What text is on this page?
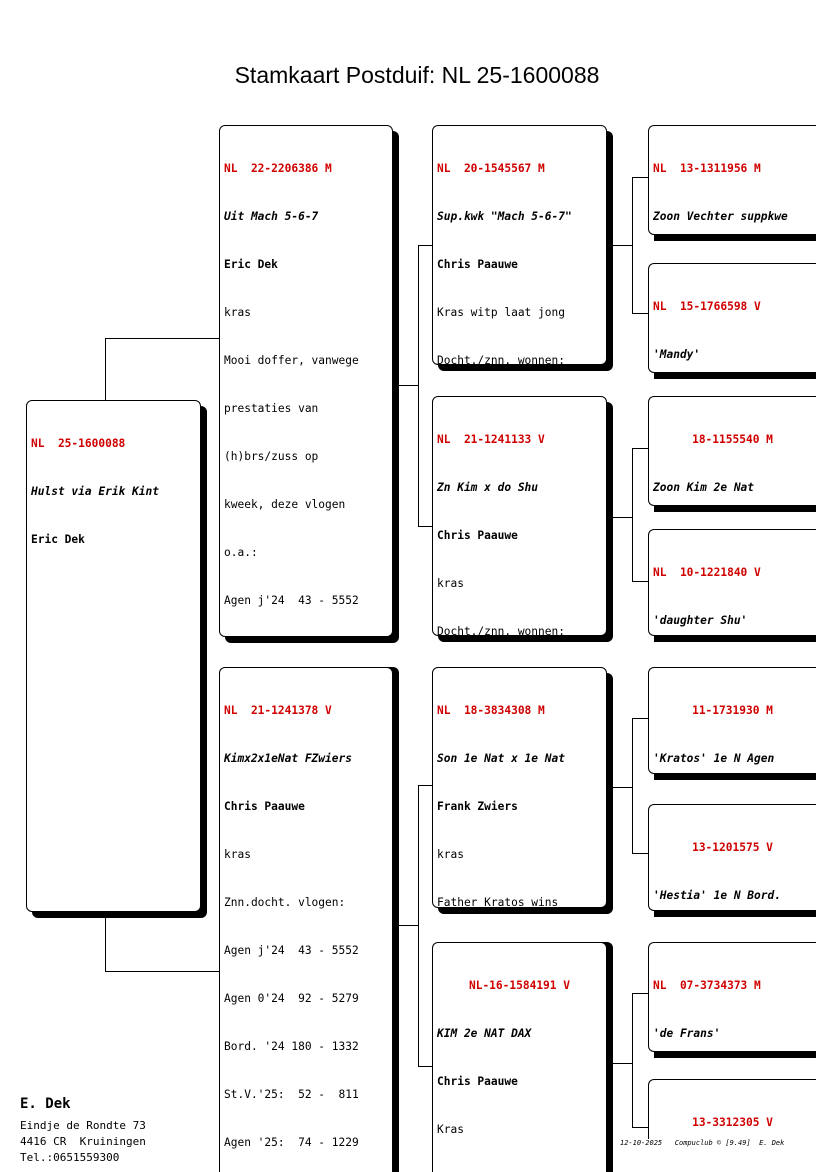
Stamkaart Postduif: NL 25-1600088

NL  25-1600088

Hulst via Erik Kint

Eric Dek

NL  22-2206386 M

Uit Mach 5-6-7

Eric Dek

kras

Mooi doffer, vanwege

prestaties van

(h)brs/zuss op

kweek, deze vlogen

o.a.:

Agen j'24  43 - 5552

NL  21-1241378 V

Kimx2x1eNat FZwiers

Chris Paauwe

kras

Znn.docht. vlogen:

Agen j'24  43 - 5552

Agen 0'24  92 - 5279

Bord. '24 180 - 1332

St.V.'25:  52 -  811

Agen '25:  74 - 1229

NL  20-1545567 M

Sup.kwk "Mach 5-6-7"

Chris Paauwe

Kras witp laat jong

Docht./znn. wonnen:

NL  21-1241133 V

Zn Kim x do Shu

Chris Paauwe

kras

Docht./znn. wonnen:

NL  18-3834308 M

Son 1e Nat x 1e Nat

Frank Zwiers

kras

Father Kratos wins

NL-16-1584191 V

KIM 2e NAT DAX

Chris Paauwe

Kras

NL  13-1311956 M

Zoon Vechter suppkwe

NL  15-1766598 V

'Mandy'

18-1155540 M

Zoon Kim 2e Nat

NL  10-1221840 V

'daughter Shu'

11-1731930 M

'Kratos' 1e N Agen

13-1201575 V

'Hestia' 1e N Bord.

NL  07-3734373 M

'de Frans'

13-3312305 V

E. Dek
Eindje de Rondte 73
4416 CR  Kruiningen
Tel.:0651559300
12-10-2025   Compuclub © [9.49]  E. Dek
